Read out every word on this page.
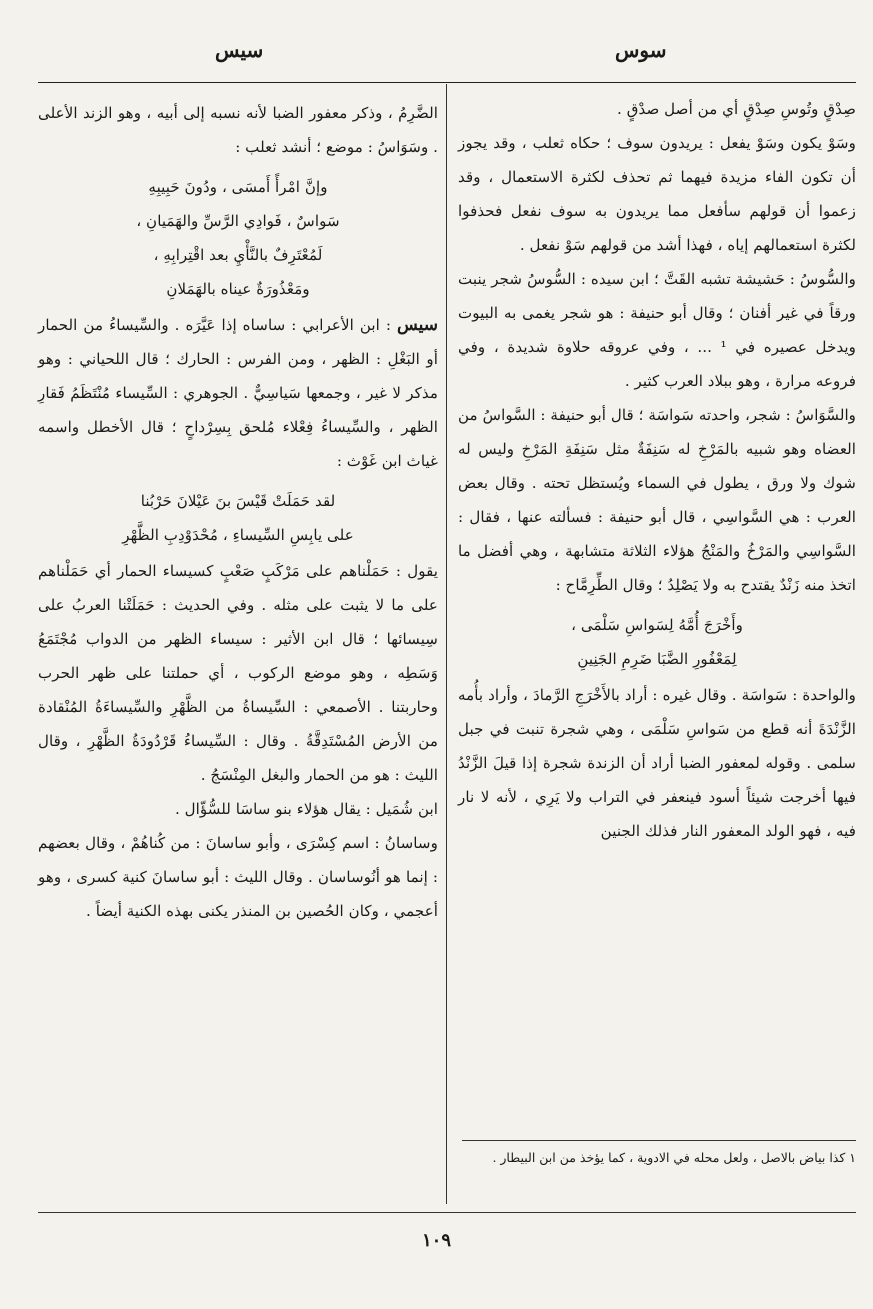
سوس
سيس

صِدْقٍ وتُوسِ صِدْقٍ أي من أصل صدْقٍ .

وسَوْ يكون وسَوْ يفعل : يريدون سوف ؛ حكاه ثعلب ، وقد يجوز أن تكون الفاء مزيدة فيهما ثم تحذف لكثرة الاستعمال ، وقد زعموا أن قولهم سأفعل مما يريدون به سوف نفعل فحذفوا لكثرة استعمالهم إياه ، فهذا أشد من قولهم سَوْ نفعل .

والسُّوسُ : حَشيشة تشبه القَتَّ ؛ ابن سيده : السُّوسُ شجر ينبت ورقاً في غير أفنان ؛ وقال أبو حنيفة : هو شجر يغمى به البيوت ويدخل عصيره في ¹ ... ، وفي عروقه حلاوة شديدة ، وفي فروعه مرارة ، وهو ببلاد العرب كثير .

والسَّوَاسُ : شجر، واحدته سَواسَة ؛ قال أبو حنيفة : السَّواسُ من العضاه وهو شبيه بالمَرْخِ له سَنِفَةٌ مثل سَنِفَةِ المَرْخِ وليس له شوك ولا ورق ، يطول في السماء ويُستظل تحته . وقال بعض العرب : هي السَّواسِي ، قال أبو حنيفة : فسألته عنها ، فقال : السَّواسِي والمَرْخُ والمَنْجُ هؤلاء الثلاثة متشابهة ، وهي أفضل ما اتخذ منه زَنْدٌ يقتدح به ولا يَصْلِدُ ؛ وقال الطِّرِمَّاح :

وأَخْرَجَ أُمَّهُ لِسَواسِ سَلْمَى ،

لِمَعْفُورِ الضَّبَا ضَرِمِ الجَنِينِ

والواحدة : سَواسَة . وقال غيره : أراد بالأَخْرَجِ الرَّمادَ ، وأراد بأُمه الزَّنْدَةَ أنه قطع من سَواسِ سَلْمَى ، وهي شجرة تنبت في جبل سلمى . وقوله لمعفور الضبا أراد أن الزندة شجرة إذا قيلَ الزَّنْدُ فيها أخرجت شيئاً أسود فينعفر في التراب ولا يَرِي ، لأنه لا نار فيه ، فهو الولد المعفور النار فذلك الجنين

١ كذا بياض بالاصل ، ولعل محله في الادوية ، كما يؤخذ من ابن البيطار .

الضَّرِمُ ، وذكر معفور الضبا لأنه نسبه إلى أبيه ، وهو الزند الأعلى . وسَوَاسُ : موضع ؛ أنشد ثعلب :

وإنَّ امْرأً أَمسَى ، ودُونَ حَبِيبِهِ

سَواسٌ ، فَوادِي الرَّسِّ والهَمَيانِ ،

لَمُعْتَرِفٌ بالنَّأْيِ بعد اقْتِرابِهِ ،

ومَعْذُورَةٌ عيناه بالهَمَلانِ

سيس : ابن الأعرابي : ساساه إذا عَيَّرَه . والسِّيساءُ من الحمار أو البَغْلِ : الظهر ، ومن الفرس : الحارك ؛ قال اللحياني : وهو مذكر لا غير ، وجمعها سَياسِيٌّ . الجوهري : السِّيساء مُنْتَظَمُ فَقارِ الظهر ، والسِّيساءُ فِعْلاء مُلحق بِسِرْداحٍ ؛ قال الأخطل واسمه غياث ابن غَوْث :

لقد حَمَلَتْ قَيْسَ بنَ عَيْلانَ حَرْبُنا

على يابِسِ السِّيساءِ ، مُحْدَوْدِبِ الظَّهْرِ

يقول : حَمَلْناهم على مَرْكَبٍ صَعْبٍ كسيساء الحمار أي حَمَلْناهم على ما لا يثبت على مثله . وفي الحديث : حَمَلَتْنا العربُ على سِيسائها ؛ قال ابن الأثير : سيساء الظهر من الدواب مُجْتَمَعُ وَسَطِه ، وهو موضع الركوب ، أي حملتنا على ظهر الحرب وحاربتنا . الأصمعي : السِّيساةُ من الظَّهْرِ والسِّيساءَةُ المُنْقادة من الأرض المُسْتَدِقَّةُ . وقال : السِّيساءُ قَرْدُودَةُ الظَّهْرِ ، وقال الليث : هو من الحمار والبغل المِنْسَجُ .

ابن شُمَيل : يقال هؤلاء بنو ساسَا للسُّؤّال .

وساسانُ : اسم كِسْرَى ، وأبو ساسانَ : من كُناهُمْ ، وقال بعضهم : إنما هو أنُوساسان . وقال الليث : أبو ساسانَ كنية كسرى ، وهو أعجمي ، وكان الحُصين بن المنذر يكنى بهذه الكنية أيضاً .

١٠٩
